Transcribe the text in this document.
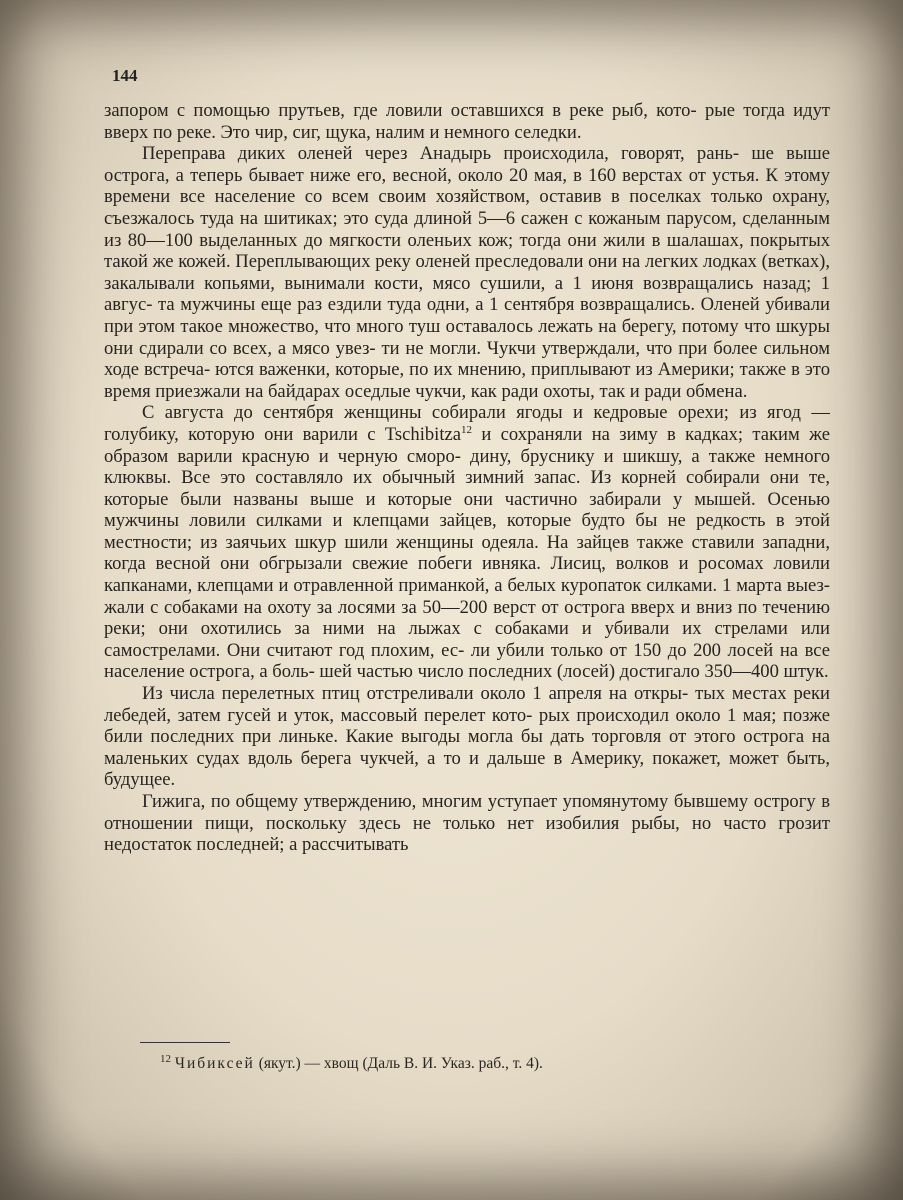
144

запором с помощью прутьев, где ловили оставшихся в реке рыб, кото- рые тогда идут вверх по реке. Это чир, сиг, щука, налим и немного селедки.

Переправа диких оленей через Анадырь происходила, говорят, рань- ше выше острога, а теперь бывает ниже его, весной, около 20 мая, в 160 верстах от устья. К этому времени все население со всем своим хозяйством, оставив в поселках только охрану, съезжалось туда на шитиках; это суда длиной 5—6 сажен с кожаным парусом, сделанным из 80—100 выделанных до мягкости оленьих кож; тогда они жили в шалашах, покрытых такой же кожей. Переплывающих реку оленей преследовали они на легких лодках (ветках), закалывали копьями, вынимали кости, мясо сушили, а 1 июня возвращались назад; 1 авгус- та мужчины еще раз ездили туда одни, а 1 сентября возвращались. Оленей убивали при этом такое множество, что много туш оставалось лежать на берегу, потому что шкуры они сдирали со всех, а мясо увез- ти не могли. Чукчи утверждали, что при более сильном ходе встреча- ются важенки, которые, по их мнению, приплывают из Америки; также в это время приезжали на байдарах оседлые чукчи, как ради охоты, так и ради обмена.

С августа до сентября женщины собирали ягоды и кедровые орехи; из ягод — голубику, которую они варили с Tschibitza$^{12}$ и сохраняли на зиму в кадках; таким же образом варили красную и черную сморо- дину, бруснику и шикшу, а также немного клюквы. Все это составляло их обычный зимний запас. Из корней собирали они те, которые были названы выше и которые они частично забирали у мышей. Осенью мужчины ловили силками и клепцами зайцев, которые будто бы не редкость в этой местности; из заячьих шкур шили женщины одеяла. На зайцев также ставили западни, когда весной они обгрызали свежие побеги ивняка. Лисиц, волков и росомах ловили капканами, клепцами и отравленной приманкой, а белых куропаток силками. 1 марта выез- жали с собаками на охоту за лосями за 50—200 верст от острога вверх и вниз по течению реки; они охотились за ними на лыжах с собаками и убивали их стрелами или самострелами. Они считают год плохим, ес- ли убили только от 150 до 200 лосей на все население острога, а боль- шей частью число последних (лосей) достигало 350—400 штук.

Из числа перелетных птиц отстреливали около 1 апреля на откры- тых местах реки лебедей, затем гусей и уток, массовый перелет кото- рых происходил около 1 мая; позже били последних при линьке. Какие выгоды могла бы дать торговля от этого острога на маленьких судах вдоль берега чукчей, а то и дальше в Америку, покажет, может быть, будущее.

Гижига, по общему утверждению, многим уступает упомянутому бывшему острогу в отношении пищи, поскольку здесь не только нет изобилия рыбы, но часто грозит недостаток последней; а рассчитывать

$^{12}$ Чибиксей (якут.) — хвощ (Даль В. И. Указ. раб., т. 4).
